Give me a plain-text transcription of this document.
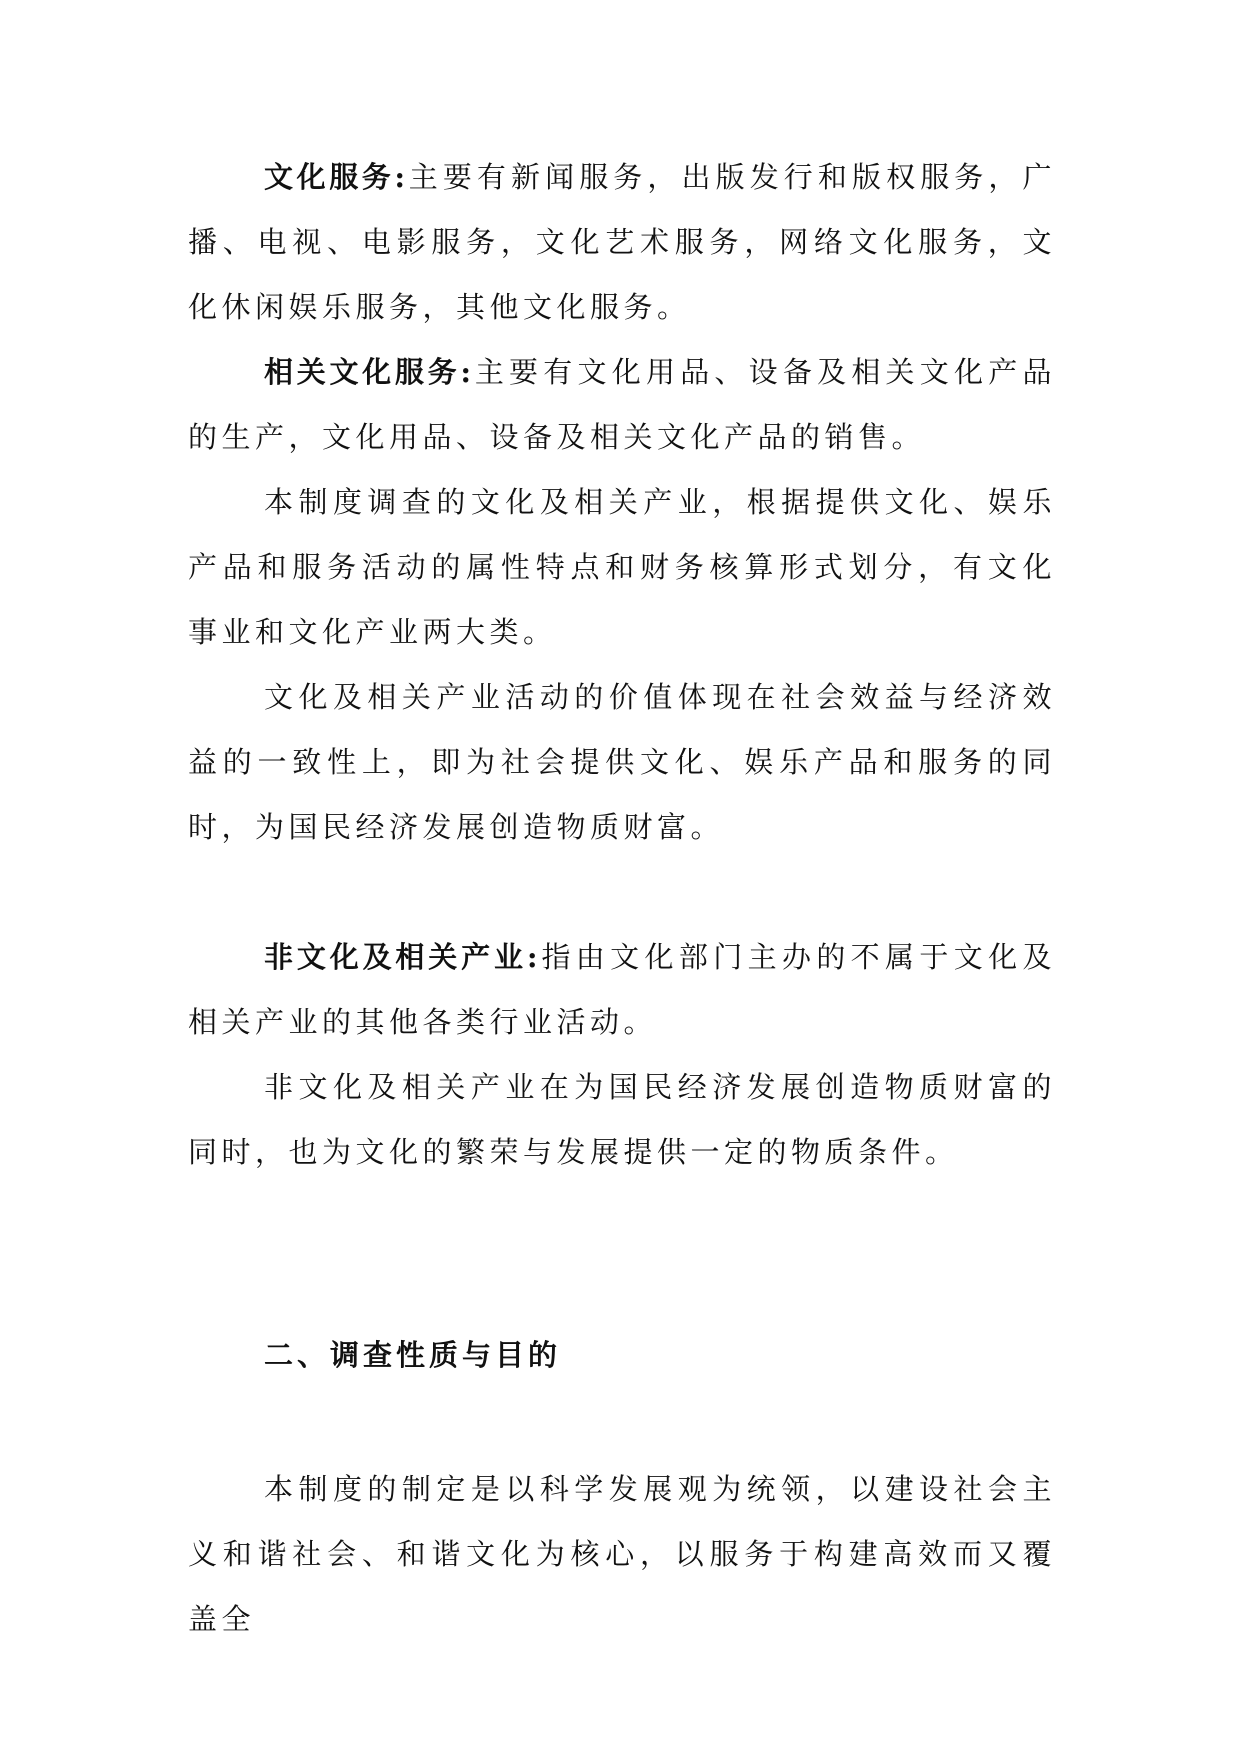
文化服务:主要有新闻服务，出版发行和版权服务，广播、电视、电影服务，文化艺术服务，网络文化服务，文化休闲娱乐服务，其他文化服务。

相关文化服务:主要有文化用品、设备及相关文化产品的生产，文化用品、设备及相关文化产品的销售。

本制度调查的文化及相关产业，根据提供文化、娱乐产品和服务活动的属性特点和财务核算形式划分，有文化事业和文化产业两大类。

文化及相关产业活动的价值体现在社会效益与经济效益的一致性上，即为社会提供文化、娱乐产品和服务的同时，为国民经济发展创造物质财富。

非文化及相关产业:指由文化部门主办的不属于文化及相关产业的其他各类行业活动。

非文化及相关产业在为国民经济发展创造物质财富的同时，也为文化的繁荣与发展提供一定的物质条件。

二、调查性质与目的

本制度的制定是以科学发展观为统领，以建设社会主义和谐社会、和谐文化为核心，以服务于构建高效而又覆盖全
